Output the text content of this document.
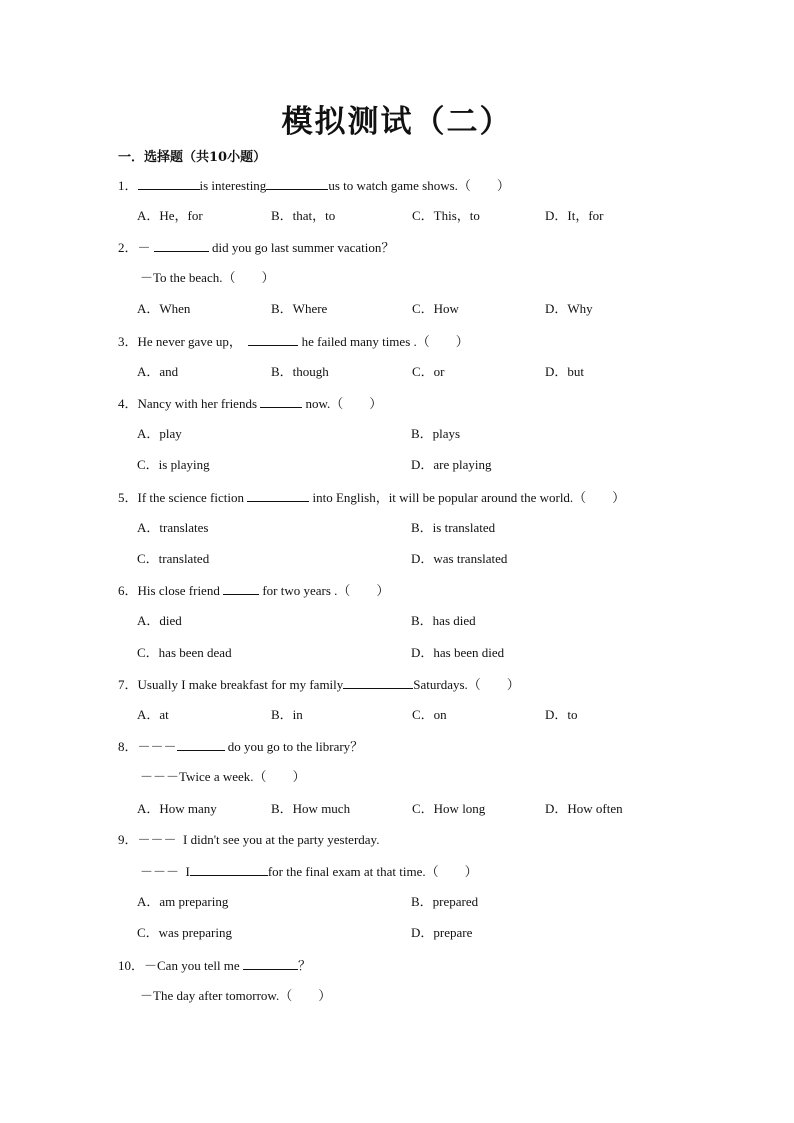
模拟测试（二）
一．选择题（共10小题）
1．	is interesting	us to watch game shows.（　　）
A．He，for	B．that，to	C．This，to	D．It，for
2．－	did you go last summer vacation？
－To the beach.（　　）
A．When	B．Where	C．How	D．Why
3．He never gave up，	he failed many times .（　　）
A．and	B．though	C．or	D．but
4．Nancy with her friends	now.（　　）
A．play	B．plays
C．is playing	D．are playing
5．If the science fiction	into English，it will be popular around the world.（　　）
A．translates	B．is translated
C．translated	D．was translated
6．His close friend	for two years .（　　）
A．died	B．has died
C．has been dead	D．has been died
7．Usually I make breakfast for my family	Saturdays.（　　）
A．at	B．in	C．on	D．to
8．－－－	do you go to the library？
－－－Twice a week.（　　）
A．How many	B．How much	C．How long	D．How often
9．－－－  I didn't see you at the party yesterday.
－－－  I	for the final exam at that time.（　　）
A．am preparing	B．prepared
C．was preparing	D．prepare
10．－Can you tell me	？
－The day after tomorrow.（　　）
